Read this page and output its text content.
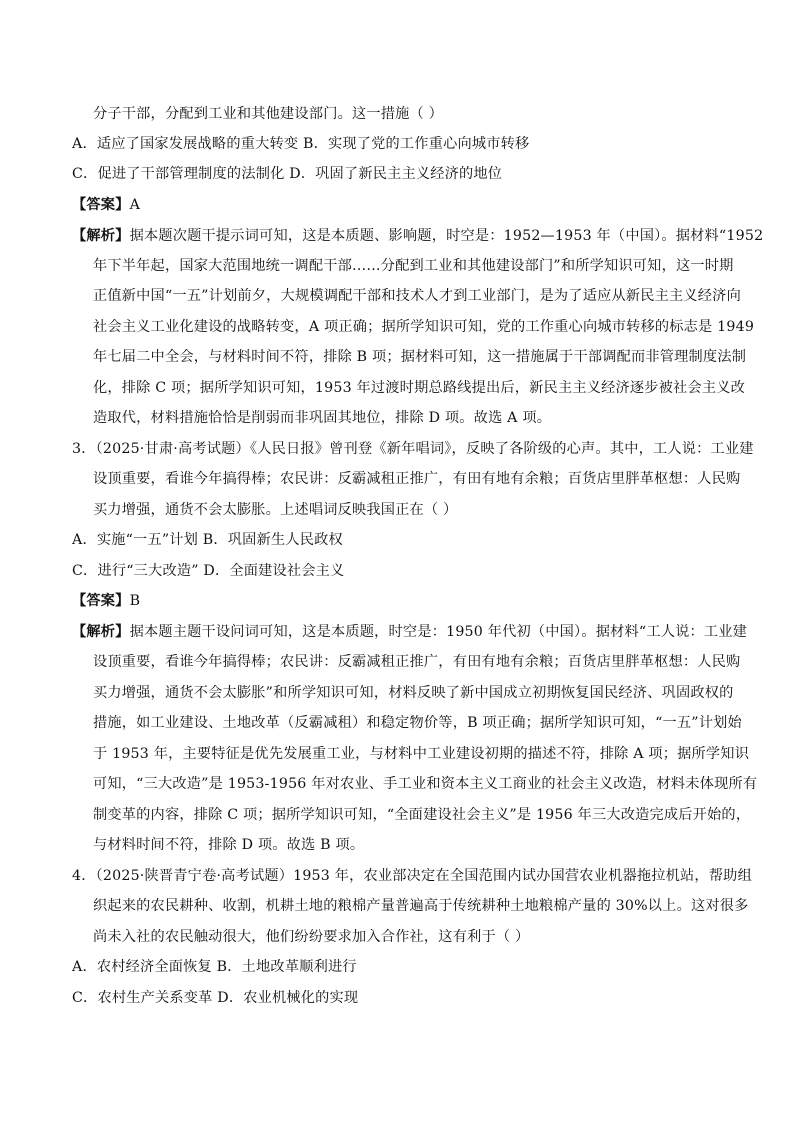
分子干部，分配到工业和其他建设部门。这一措施（ ）
A．适应了国家发展战略的重大转变 B．实现了党的工作重心向城市转移
C．促进了干部管理制度的法制化 D．巩固了新民主主义经济的地位
【答案】A
【解析】据本题次题干提示词可知，这是本质题、影响题，时空是：1952—1953 年（中国）。据材料“1952
年下半年起，国家大范围地统一调配干部……分配到工业和其他建设部门”和所学知识可知，这一时期
正值新中国“一五”计划前夕，大规模调配干部和技术人才到工业部门，是为了适应从新民主主义经济向
社会主义工业化建设的战略转变，A 项正确；据所学知识可知，党的工作重心向城市转移的标志是 1949
年七届二中全会，与材料时间不符，排除 B 项；据材料可知，这一措施属于干部调配而非管理制度法制
化，排除 C 项；据所学知识可知，1953 年过渡时期总路线提出后，新民主主义经济逐步被社会主义改
造取代，材料措施恰恰是削弱而非巩固其地位，排除 D 项。故选 A 项。
3．（2025·甘肃·高考试题）《人民日报》曾刊登《新年唱词》，反映了各阶级的心声。其中，工人说：工业建
设顶重要，看谁今年搞得棒；农民讲：反霸减租正推广，有田有地有余粮；百货店里胖革枢想：人民购
买力增强，通货不会太膨胀。上述唱词反映我国正在（ ）
A．实施“一五”计划 B．巩固新生人民政权
C．进行“三大改造” D．全面建设社会主义
【答案】B
【解析】据本题主题干设问词可知，这是本质题，时空是：1950 年代初（中国）。据材料“工人说：工业建
设顶重要，看谁今年搞得棒；农民讲：反霸减租正推广，有田有地有余粮；百货店里胖革枢想：人民购
买力增强，通货不会太膨胀”和所学知识可知，材料反映了新中国成立初期恢复国民经济、巩固政权的
措施，如工业建设、土地改革（反霸减租）和稳定物价等，B 项正确；据所学知识可知，“一五”计划始
于 1953 年，主要特征是优先发展重工业，与材料中工业建设初期的描述不符，排除 A 项；据所学知识
可知，“三大改造”是 1953-1956 年对农业、手工业和资本主义工商业的社会主义改造，材料未体现所有
制变革的内容，排除 C 项；据所学知识可知，“全面建设社会主义”是 1956 年三大改造完成后开始的，
与材料时间不符，排除 D 项。故选 B 项。
4．（2025·陕晋青宁卷·高考试题）1953 年，农业部决定在全国范围内试办国营农业机器拖拉机站，帮助组
织起来的农民耕种、收割，机耕土地的粮棉产量普遍高于传统耕种土地粮棉产量的 30%以上。这对很多
尚未入社的农民触动很大，他们纷纷要求加入合作社，这有利于（ ）
A．农村经济全面恢复 B．土地改革顺利进行
C．农村生产关系变革 D．农业机械化的实现
